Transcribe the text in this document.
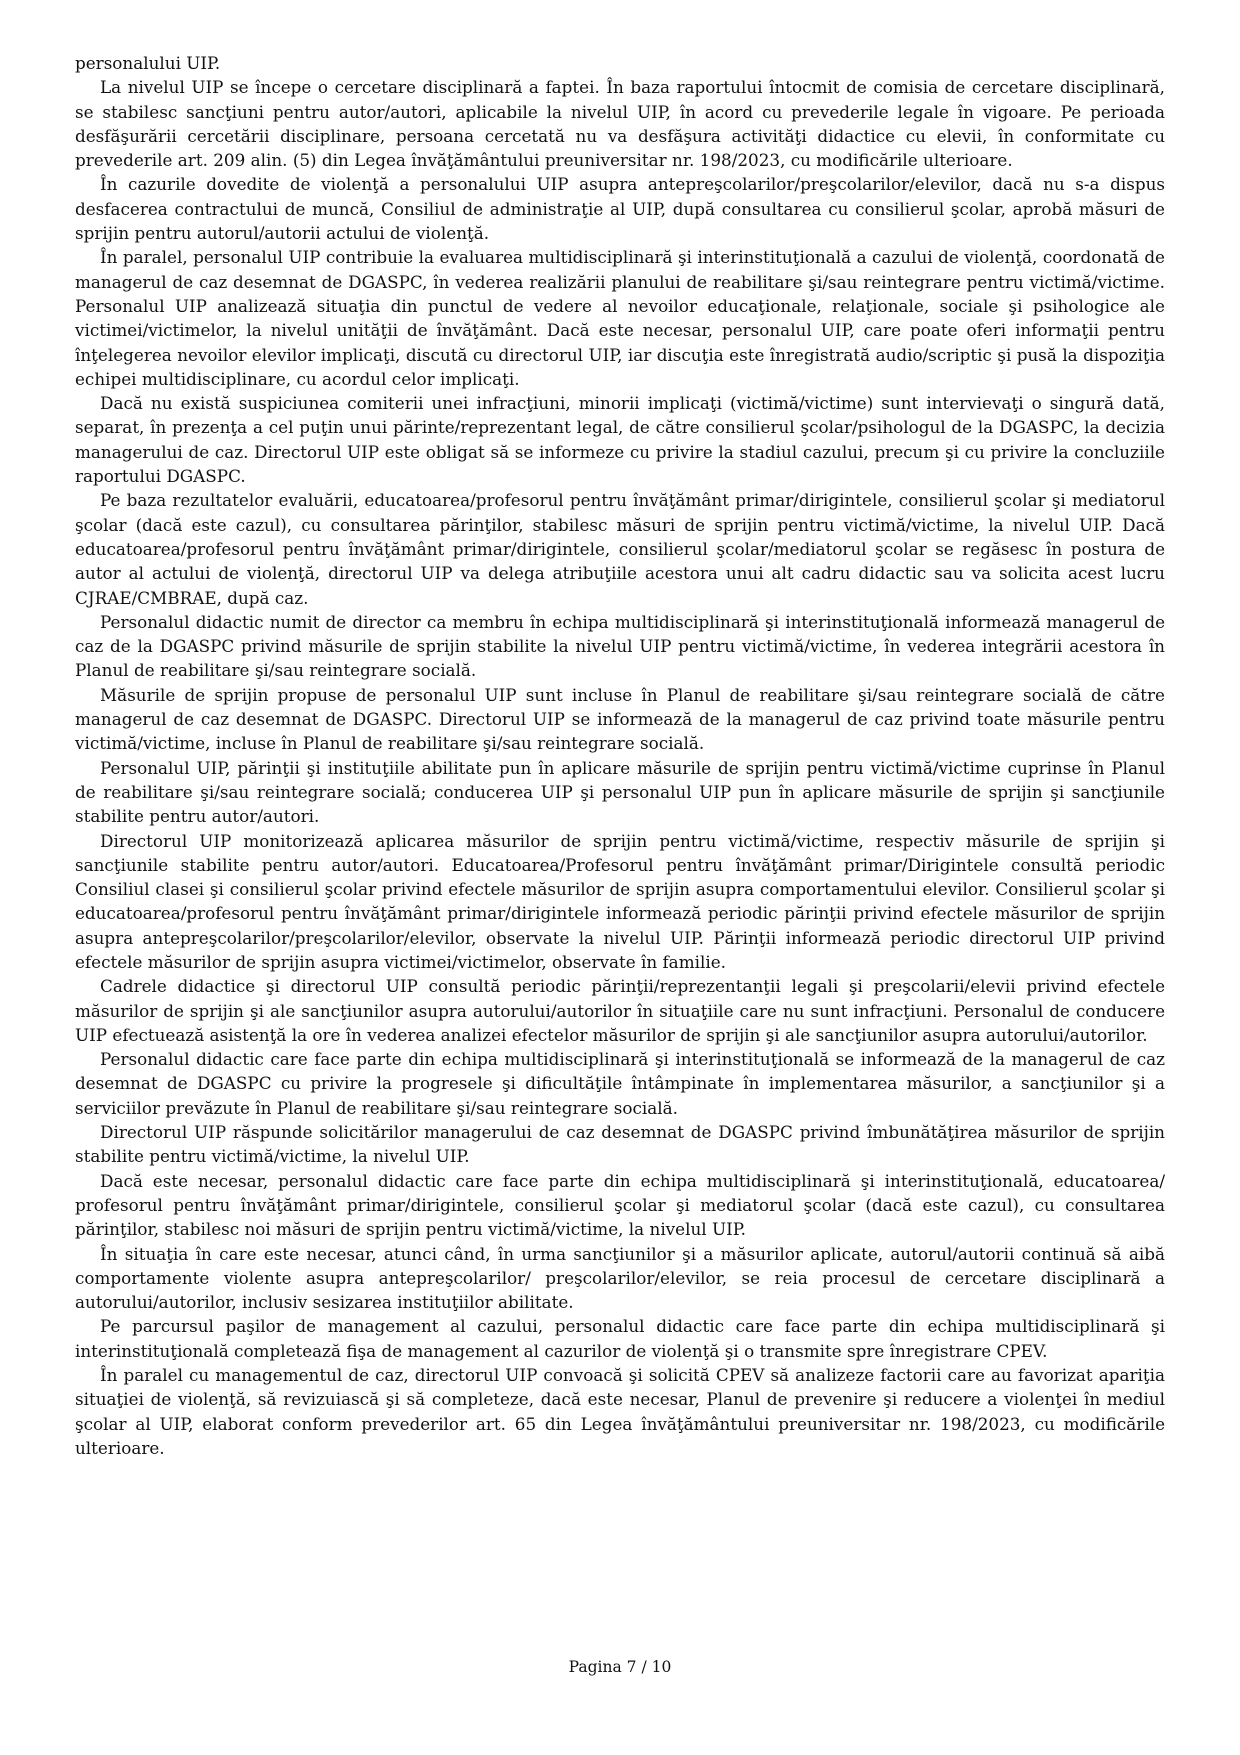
personalului UIP.

La nivelul UIP se începe o cercetare disciplinară a faptei. În baza raportului întocmit de comisia de cercetare disciplinară, se stabilesc sancţiuni pentru autor/autori, aplicabile la nivelul UIP, în acord cu prevederile legale în vigoare. Pe perioada desfăşurării cercetării disciplinare, persoana cercetată nu va desfăşura activităţi didactice cu elevii, în conformitate cu prevederile art. 209 alin. (5) din Legea învăţământului preuniversitar nr. 198/2023, cu modificările ulterioare.

În cazurile dovedite de violenţă a personalului UIP asupra antepreşcolarilor/preşcolarilor/elevilor, dacă nu s-a dispus desfacerea contractului de muncă, Consiliul de administraţie al UIP, după consultarea cu consilierul şcolar, aprobă măsuri de sprijin pentru autorul/autorii actului de violenţă.

În paralel, personalul UIP contribuie la evaluarea multidisciplinară şi interinstituţională a cazului de violenţă, coordonată de managerul de caz desemnat de DGASPC, în vederea realizării planului de reabilitare şi/sau reintegrare pentru victimă/victime. Personalul UIP analizează situaţia din punctul de vedere al nevoilor educaţionale, relaţionale, sociale şi psihologice ale victimei/victimelor, la nivelul unităţii de învăţământ. Dacă este necesar, personalul UIP, care poate oferi informaţii pentru înţelegerea nevoilor elevilor implicaţi, discută cu directorul UIP, iar discuţia este înregistrată audio/scriptic şi pusă la dispoziţia echipei multidisciplinare, cu acordul celor implicaţi.

Dacă nu există suspiciunea comiterii unei infracţiuni, minorii implicaţi (victimă/victime) sunt intervievaţi o singură dată, separat, în prezenţa a cel puţin unui părinte/reprezentant legal, de către consilierul şcolar/psihologul de la DGASPC, la decizia managerului de caz. Directorul UIP este obligat să se informeze cu privire la stadiul cazului, precum şi cu privire la concluziile raportului DGASPC.

Pe baza rezultatelor evaluării, educatoarea/profesorul pentru învăţământ primar/dirigintele, consilierul şcolar şi mediatorul şcolar (dacă este cazul), cu consultarea părinţilor, stabilesc măsuri de sprijin pentru victimă/victime, la nivelul UIP. Dacă educatoarea/profesorul pentru învăţământ primar/dirigintele, consilierul şcolar/mediatorul şcolar se regăsesc în postura de autor al actului de violenţă, directorul UIP va delega atribuţiile acestora unui alt cadru didactic sau va solicita acest lucru CJRAE/CMBRAE, după caz.

Personalul didactic numit de director ca membru în echipa multidisciplinară şi interinstituţională informează managerul de caz de la DGASPC privind măsurile de sprijin stabilite la nivelul UIP pentru victimă/victime, în vederea integrării acestora în Planul de reabilitare şi/sau reintegrare socială.

Măsurile de sprijin propuse de personalul UIP sunt incluse în Planul de reabilitare şi/sau reintegrare socială de către managerul de caz desemnat de DGASPC. Directorul UIP se informează de la managerul de caz privind toate măsurile pentru victimă/victime, incluse în Planul de reabilitare şi/sau reintegrare socială.

Personalul UIP, părinţii şi instituţiile abilitate pun în aplicare măsurile de sprijin pentru victimă/victime cuprinse în Planul de reabilitare şi/sau reintegrare socială; conducerea UIP şi personalul UIP pun în aplicare măsurile de sprijin şi sancţiunile stabilite pentru autor/autori.

Directorul UIP monitorizează aplicarea măsurilor de sprijin pentru victimă/victime, respectiv măsurile de sprijin şi sancţiunile stabilite pentru autor/autori. Educatoarea/Profesorul pentru învăţământ primar/Dirigintele consultă periodic Consiliul clasei şi consilierul şcolar privind efectele măsurilor de sprijin asupra comportamentului elevilor. Consilierul şcolar şi educatoarea/profesorul pentru învăţământ primar/dirigintele informează periodic părinţii privind efectele măsurilor de sprijin asupra antepreşcolarilor/preşcolarilor/elevilor, observate la nivelul UIP. Părinţii informează periodic directorul UIP privind efectele măsurilor de sprijin asupra victimei/victimelor, observate în familie.

Cadrele didactice şi directorul UIP consultă periodic părinţii/reprezentanţii legali şi preşcolarii/elevii privind efectele măsurilor de sprijin şi ale sancţiunilor asupra autorului/autorilor în situaţiile care nu sunt infracţiuni. Personalul de conducere UIP efectuează asistenţă la ore în vederea analizei efectelor măsurilor de sprijin şi ale sancţiunilor asupra autorului/autorilor.

Personalul didactic care face parte din echipa multidisciplinară şi interinstituţională se informează de la managerul de caz desemnat de DGASPC cu privire la progresele şi dificultăţile întâmpinate în implementarea măsurilor, a sancţiunilor şi a serviciilor prevăzute în Planul de reabilitare şi/sau reintegrare socială.

Directorul UIP răspunde solicitărilor managerului de caz desemnat de DGASPC privind îmbunătăţirea măsurilor de sprijin stabilite pentru victimă/victime, la nivelul UIP.

Dacă este necesar, personalul didactic care face parte din echipa multidisciplinară şi interinstituţională, educatoarea/ profesorul pentru învăţământ primar/dirigintele, consilierul şcolar şi mediatorul şcolar (dacă este cazul), cu consultarea părinţilor, stabilesc noi măsuri de sprijin pentru victimă/victime, la nivelul UIP.

În situaţia în care este necesar, atunci când, în urma sancţiunilor şi a măsurilor aplicate, autorul/autorii continuă să aibă comportamente violente asupra antepreşcolarilor/ preşcolarilor/elevilor, se reia procesul de cercetare disciplinară a autorului/autorilor, inclusiv sesizarea instituţiilor abilitate.

Pe parcursul paşilor de management al cazului, personalul didactic care face parte din echipa multidisciplinară şi interinstituţională completează fişa de management al cazurilor de violenţă şi o transmite spre înregistrare CPEV.

În paralel cu managementul de caz, directorul UIP convoacă şi solicită CPEV să analizeze factorii care au favorizat apariţia situaţiei de violenţă, să revizuiască şi să completeze, dacă este necesar, Planul de prevenire şi reducere a violenţei în mediul şcolar al UIP, elaborat conform prevederilor art. 65 din Legea învăţământului preuniversitar nr. 198/2023, cu modificările ulterioare.

Pagina 7 / 10
